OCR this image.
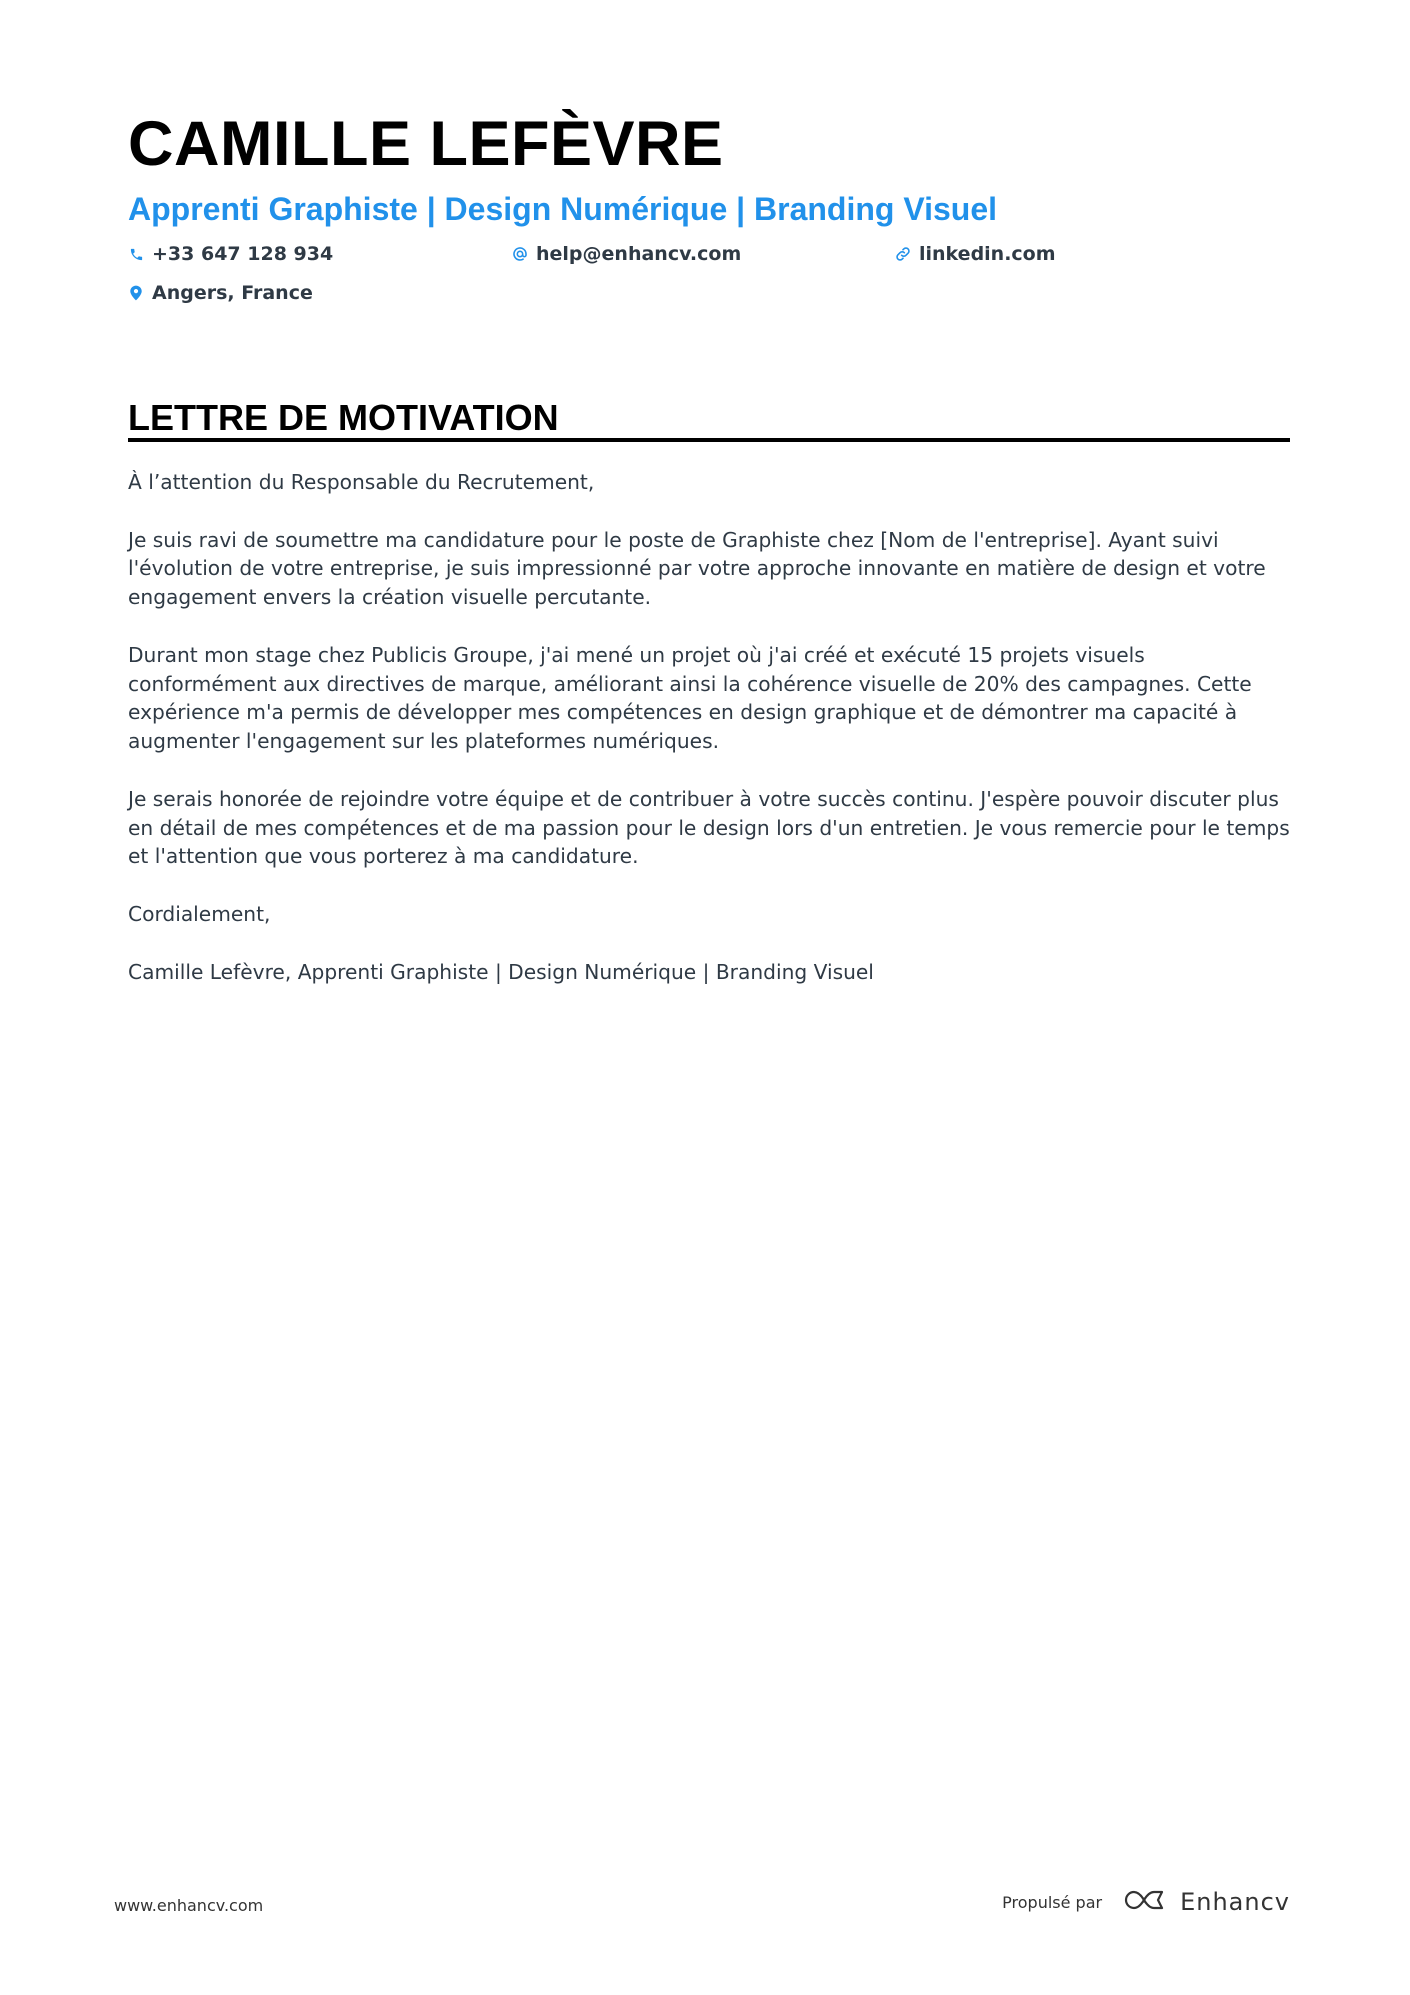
CAMILLE LEFÈVRE
Apprenti Graphiste | Design Numérique | Branding Visuel
+33 647 128 934	help@enhancv.com	linkedin.com
Angers, France
LETTRE DE MOTIVATION

À l’attention du Responsable du Recrutement,

Je suis ravi de soumettre ma candidature pour le poste de Graphiste chez [Nom de l'entreprise]. Ayant suivi l'évolution de votre entreprise, je suis impressionné par votre approche innovante en matière de design et votre engagement envers la création visuelle percutante.

Durant mon stage chez Publicis Groupe, j'ai mené un projet où j'ai créé et exécuté 15 projets visuels conformément aux directives de marque, améliorant ainsi la cohérence visuelle de 20% des campagnes. Cette expérience m'a permis de développer mes compétences en design graphique et de démontrer ma capacité à augmenter l'engagement sur les plateformes numériques.

Je serais honorée de rejoindre votre équipe et de contribuer à votre succès continu. J'espère pouvoir discuter plus en détail de mes compétences et de ma passion pour le design lors d'un entretien. Je vous remercie pour le temps et l'attention que vous porterez à ma candidature.

Cordialement,

Camille Lefèvre, Apprenti Graphiste | Design Numérique | Branding Visuel

www.enhancv.com	Propulsé par	Enhancv
